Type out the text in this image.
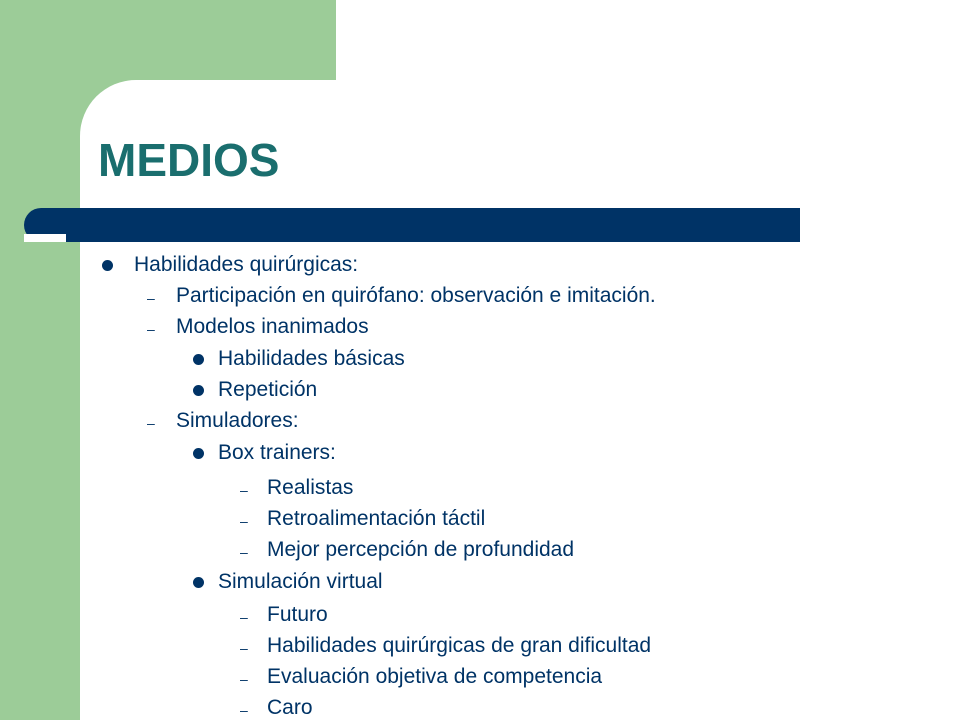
MEDIOS
Habilidades quirúrgicas:
– Participación en quirófano: observación e imitación.
– Modelos inanimados
Habilidades básicas
Repetición
– Simuladores:
Box trainers:
– Realistas
– Retroalimentación táctil
– Mejor percepción de profundidad
Simulación virtual
– Futuro
– Habilidades quirúrgicas de gran dificultad
– Evaluación objetiva de competencia
– Caro
